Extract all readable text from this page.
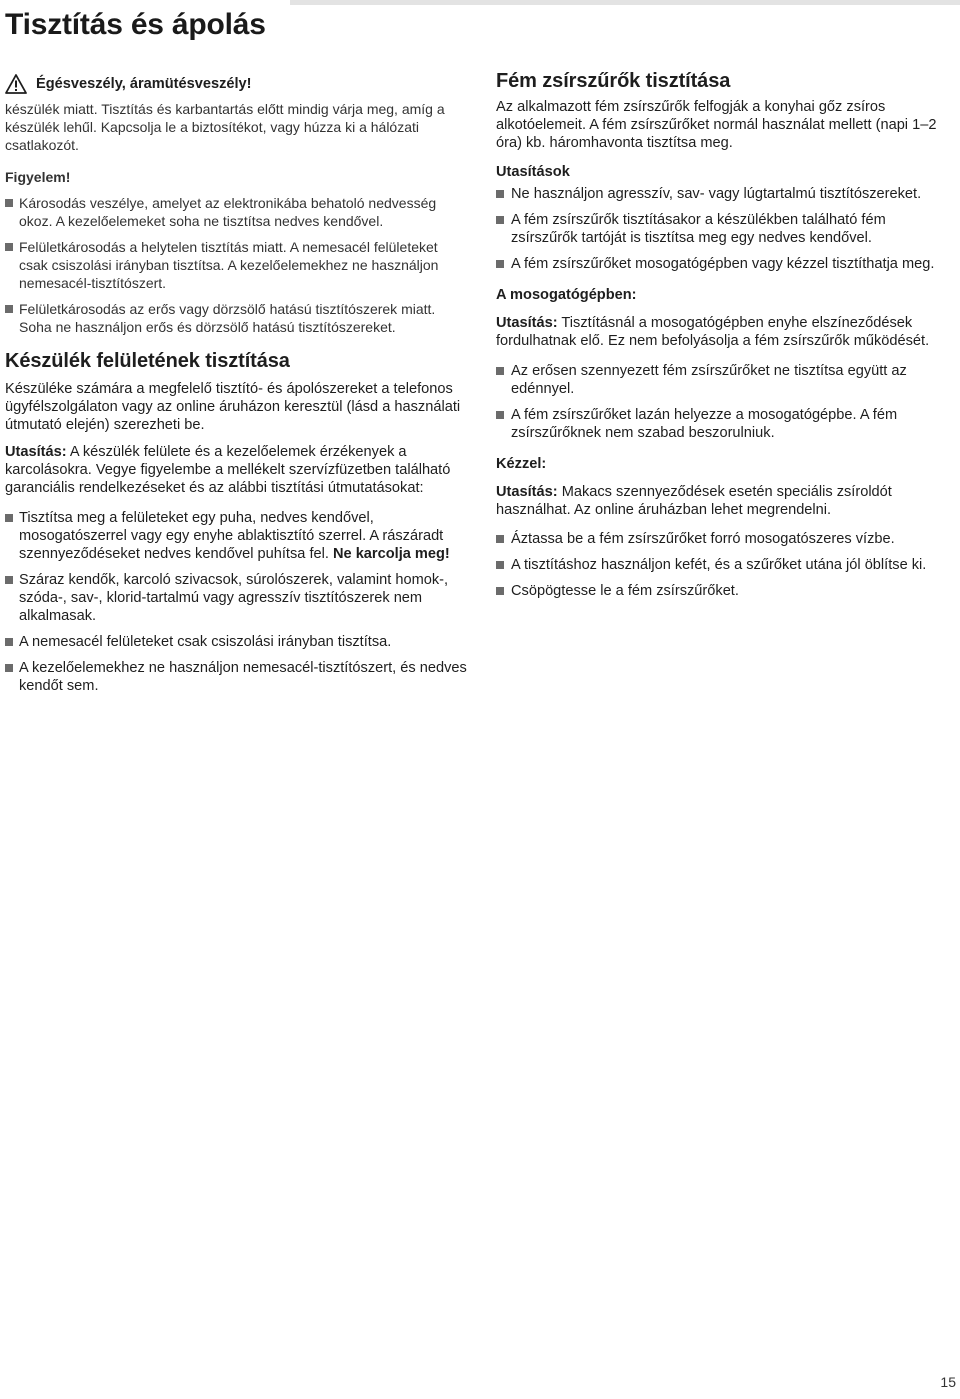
Tisztítás és ápolás
Égésveszély, áramütésveszély!

készülék miatt. Tisztítás és karbantartás előtt mindig várja meg, amíg a készülék lehűl. Kapcsolja le a biztosítékot, vagy húzza ki a hálózati csatlakozót.

Figyelem!

Károsodás veszélye, amelyet az elektronikába behatoló nedvesség okoz. A kezelőelemeket soha ne tisztítsa nedves kendővel.
Felületkárosodás a helytelen tisztítás miatt. A nemesacél felületeket csak csiszolási irányban tisztítsa. A kezelőelemekhez ne használjon nemesacél-tisztítószert.
Felületkárosodás az erős vagy dörzsölő hatású tisztítószerek miatt. Soha ne használjon erős és dörzsölő hatású tisztítószereket.
Készülék felületének tisztítása

Készüléke számára a megfelelő tisztító- és ápolószereket a telefonos ügyfélszolgálaton vagy az online áruházon keresztül (lásd a használati útmutató elején) szerezheti be.

Utasítás: A készülék felülete és a kezelőelemek érzékenyek a karcolásokra. Vegye figyelembe a mellékelt szervízfüzetben található garanciális rendelkezéseket és az alábbi tisztítási útmutatásokat:

Tisztítsa meg a felületeket egy puha, nedves kendővel, mosogatószerrel vagy egy enyhe ablaktisztító szerrel. A rászáradt szennyeződéseket nedves kendővel puhítsa fel. Ne karcolja meg!
Száraz kendők, karcoló szivacsok, súrolószerek, valamint homok-, szóda-, sav-, klorid-tartalmú vagy agresszív tisztítószerek nem alkalmasak.
A nemesacél felületeket csak csiszolási irányban tisztítsa.
A kezelőelemekhez ne használjon nemesacél-tisztítószert, és nedves kendőt sem.
Fém zsírszűrők tisztítása

Az alkalmazott fém zsírszűrők felfogják a konyhai gőz zsíros alkotóelemeit. A fém zsírszűrőket normál használat mellett (napi 1–2 óra) kb. háromhavonta tisztítsa meg.

Utasítások
Ne használjon agresszív, sav- vagy lúgtartalmú tisztítószereket.
A fém zsírszűrők tisztításakor a készülékben található fém zsírszűrők tartóját is tisztítsa meg egy nedves kendővel.
A fém zsírszűrőket mosogatógépben vagy kézzel tisztíthatja meg.
A mosogatógépben:

Utasítás: Tisztításnál a mosogatógépben enyhe elszíneződések fordulhatnak elő. Ez nem befolyásolja a fém zsírszűrők működését.

Az erősen szennyezett fém zsírszűrőket ne tisztítsa együtt az edénnyel.
A fém zsírszűrőket lazán helyezze a mosogatógépbe. A fém zsírszűrőknek nem szabad beszorulniuk.
Kézzel:

Utasítás: Makacs szennyeződések esetén speciális zsíroldót használhat. Az online áruházban lehet megrendelni.

Áztassa be a fém zsírszűrőket forró mosogatószeres vízbe.
A tisztításhoz használjon kefét, és a szűrőket utána jól öblítse ki.
Csöpögtesse le a fém zsírszűrőket.
15
